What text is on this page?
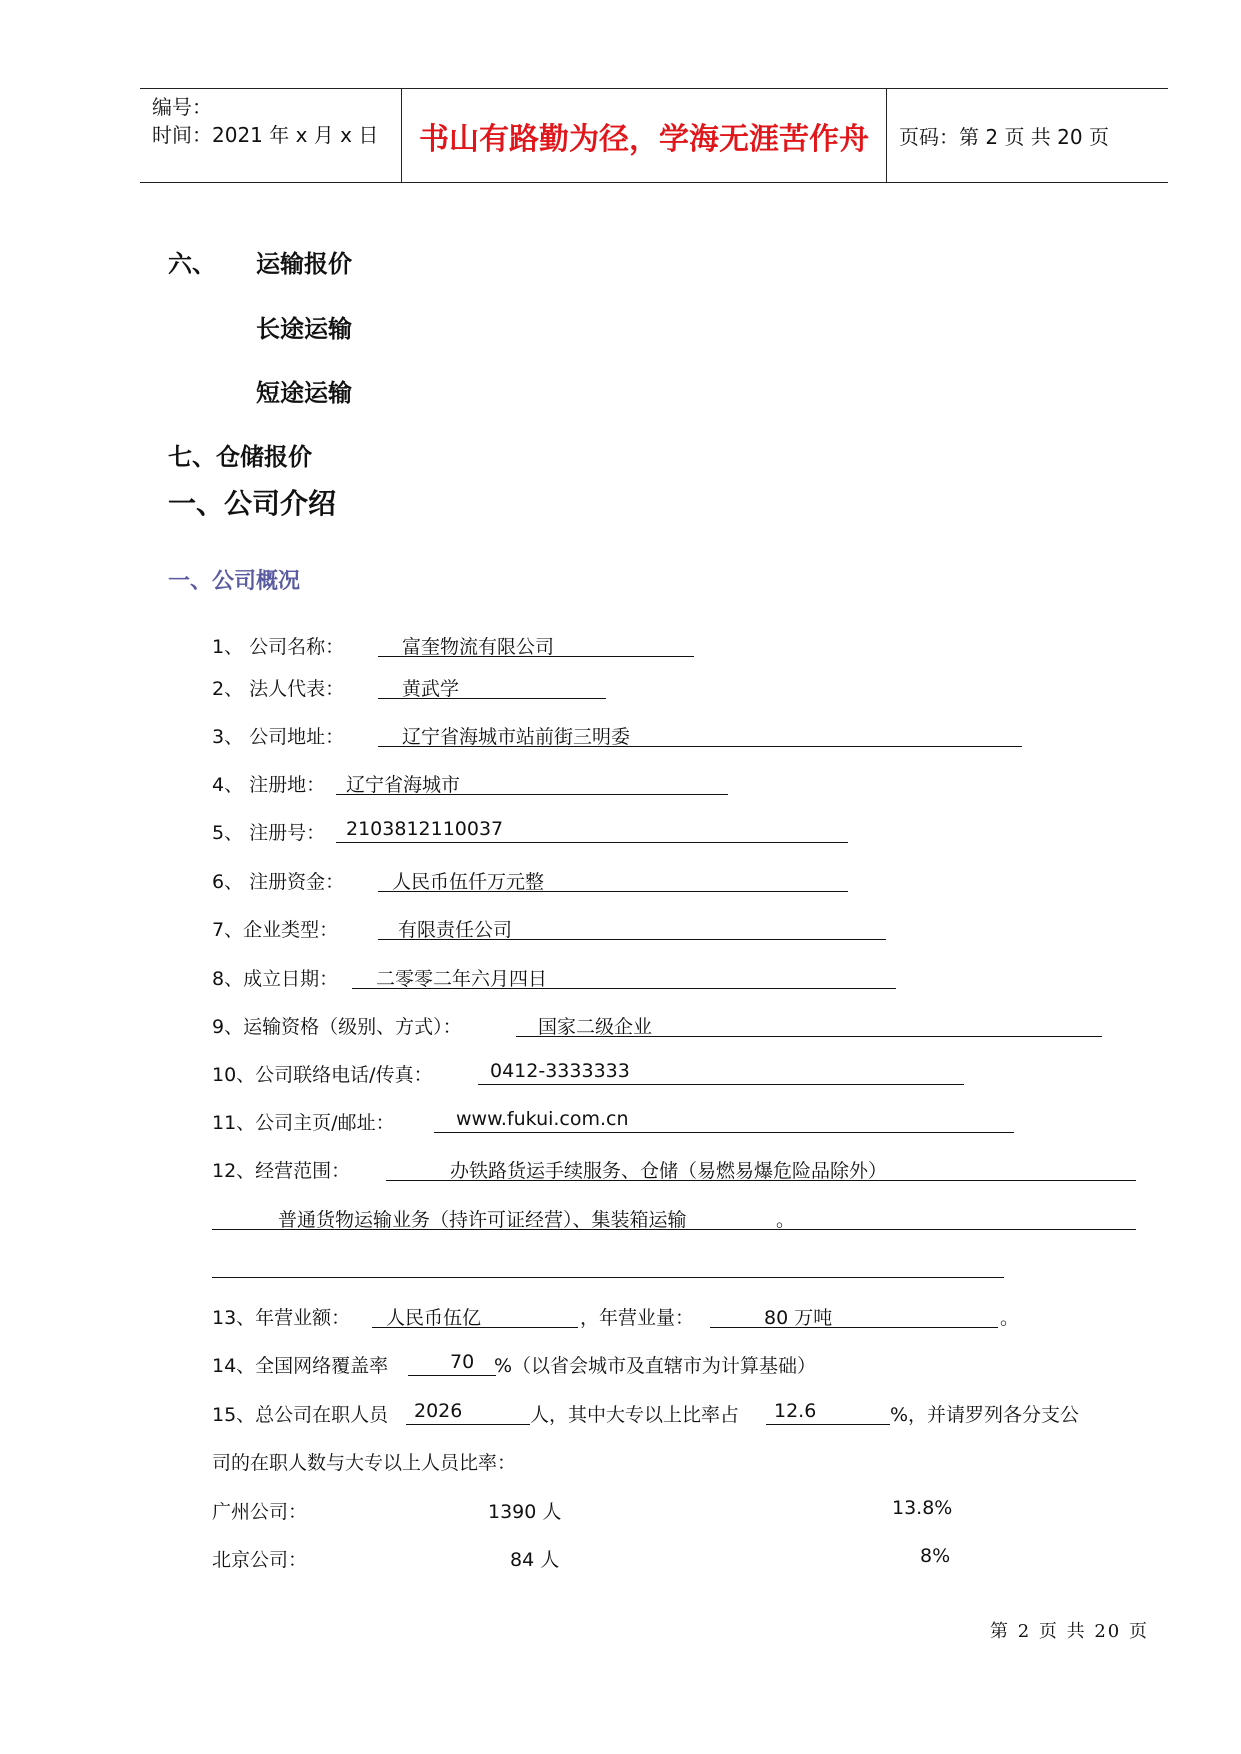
编号：
时间：2021 年 x 月 x 日	书山有路勤为径，学海无涯苦作舟	页码：第 2 页 共 20 页
六、 运输报价
长途运输
短途运输
七、仓储报价
一、公司介绍
一、公司概况
1、 公司名称：	富奎物流有限公司
2、 法人代表：	黄武学
3、 公司地址：	辽宁省海城市站前街三明委
4、 注册地： 辽宁省海城市
5、 注册号： 2103812110037
6、 注册资金：	人民币伍仟万元整
7、企业类型：	有限责任公司
8、成立日期： 二零零二年六月四日
9、运输资格（级别、方式）：	国家二级企业
10、公司联络电话/传真：	0412-3333333
11、公司主页/邮址：	www.fukui.com.cn
12、经营范围：	办铁路货运手续服务、仓储（易燃易爆危险品除外）
普通货物运输业务（持许可证经营）、集装箱运输	。
13、年营业额： 人民币伍亿	，年营业量：	80 万吨	。
14、全国网络覆盖率	70 %（以省会城市及直辖市为计算基础）
15、总公司在职人员 2026	人，其中大专以上比率占 12.6	%，并请罗列各分支公
司的在职人数与大专以上人员比率：
广州公司：	1390 人	13.8%
北京公司：	84 人	8%
第 2 页 共 20 页
